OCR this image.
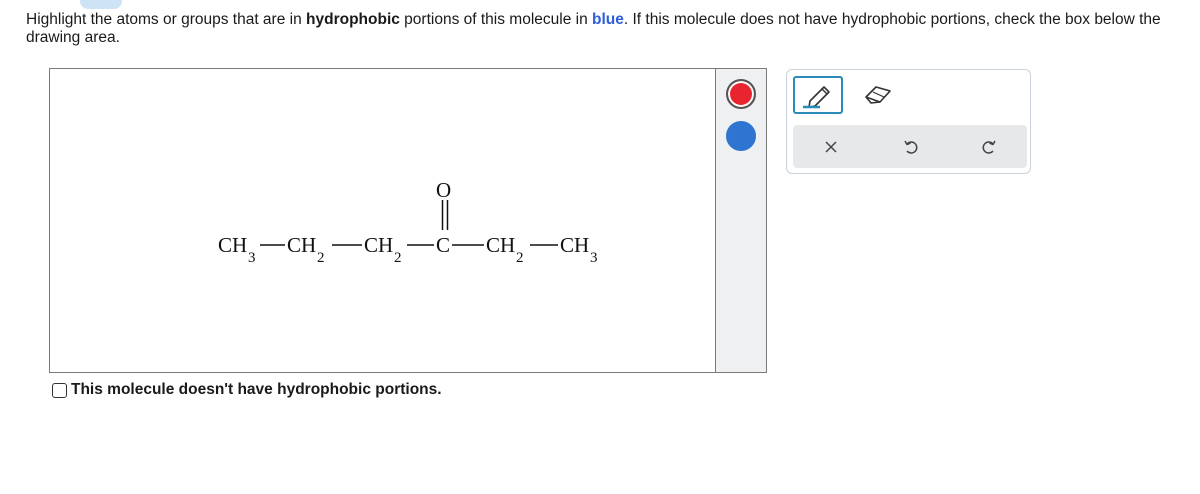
Highlight the atoms or groups that are in hydrophobic portions of this molecule in blue. If this molecule does not have hydrophobic portions, check the box below the drawing area.
CH
3
CH
2
CH
2
C
O
CH
2
CH
3
This molecule doesn't have hydrophobic portions.
